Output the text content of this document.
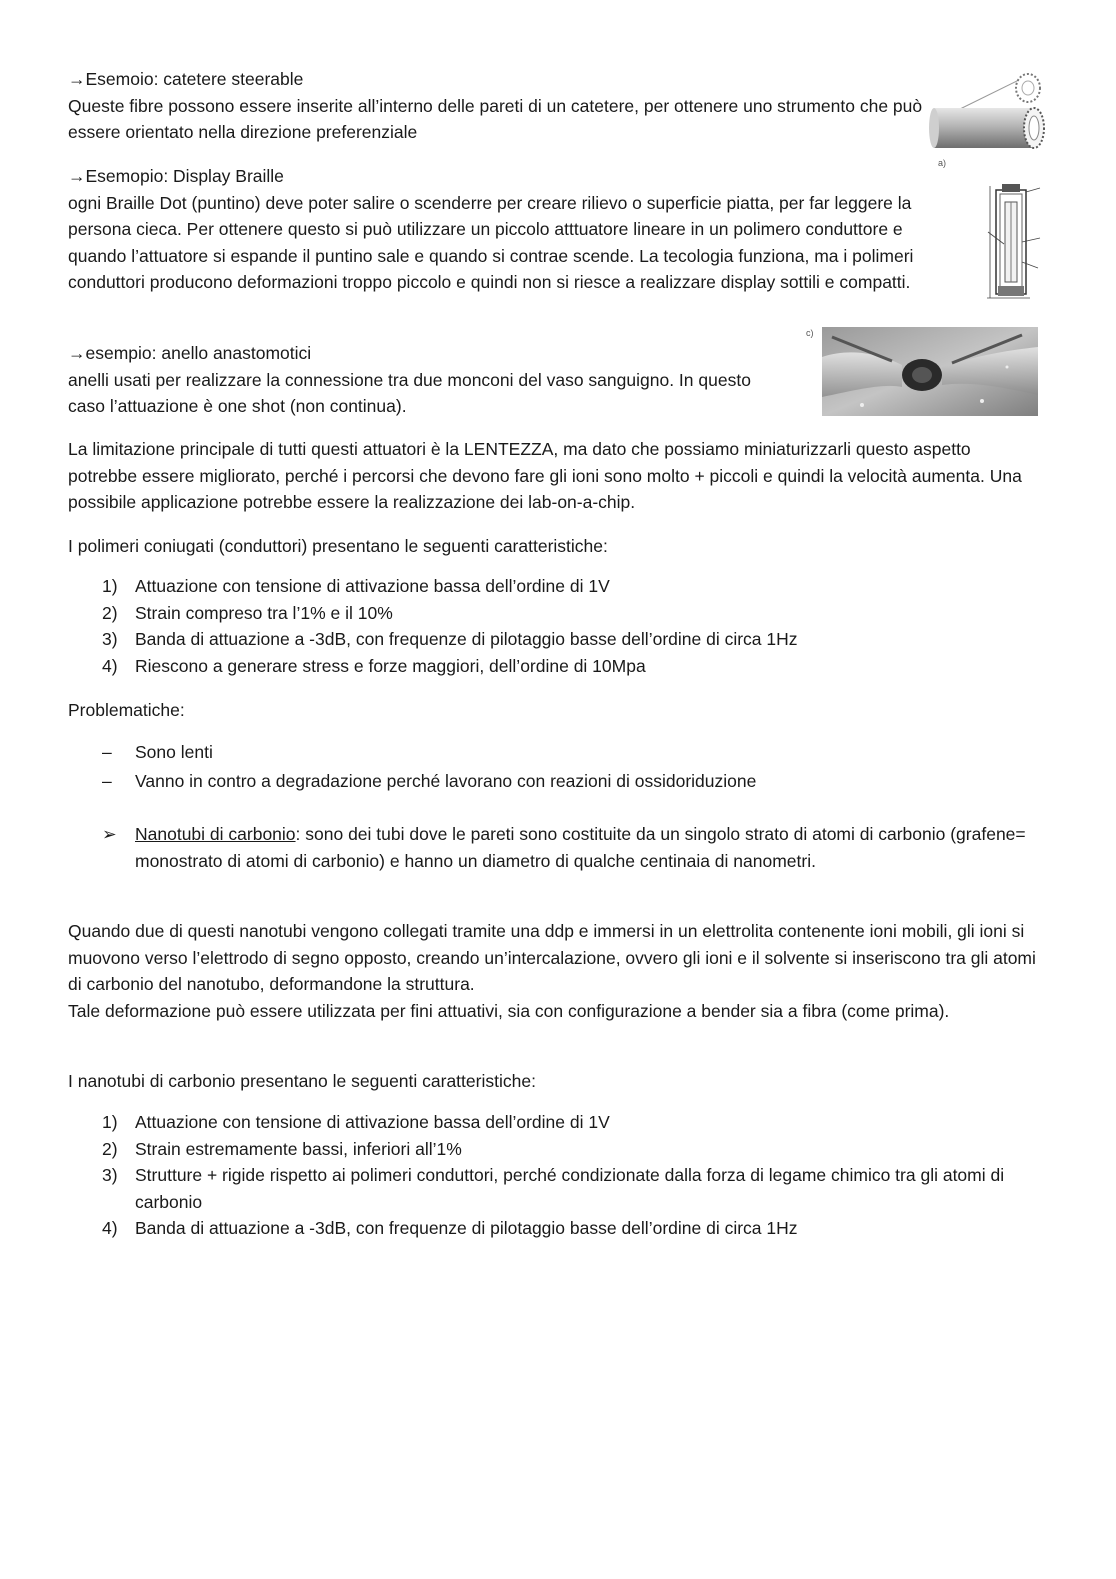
→Esemoio: catetere steerable

Queste fibre possono essere inserite all’interno delle pareti di un catetere, per ottenere uno strumento che può essere orientato nella direzione preferenziale

a)

→Esemopio: Display Braille

ogni Braille Dot (puntino) deve poter salire o scenderre per creare rilievo o superficie piatta, per far leggere la persona cieca. Per ottenere questo si può utilizzare un piccolo atttuatore lineare in un polimero conduttore e quando l’attuatore si espande il puntino sale e quando si contrae scende. La tecologia funziona, ma i polimeri conduttori producono deformazioni troppo piccolo e quindi non si riesce a realizzare display sottili e compatti.

→esempio: anello anastomotici

anelli usati per realizzare la connessione tra due monconi del vaso sanguigno. In questo caso l’attuazione è one shot (non continua).

c)

La limitazione principale di tutti questi attuatori è la LENTEZZA, ma dato che possiamo miniaturizzarli questo aspetto potrebbe essere migliorato, perché i percorsi che devono fare gli ioni sono molto + piccoli e quindi la velocità aumenta. Una possibile applicazione potrebbe essere la realizzazione dei lab-on-a-chip.

I polimeri coniugati (conduttori) presentano le seguenti caratteristiche:

1) Attuazione con tensione di attivazione bassa dell’ordine di 1V
2) Strain compreso tra l’1% e il 10%
3) Banda di attuazione a -3dB, con frequenze di pilotaggio basse dell’ordine di circa 1Hz
4) Riescono a generare stress e forze maggiori, dell’ordine di 10Mpa

Problematiche:

– Sono lenti
– Vanno in contro a degradazione perché lavorano con reazioni di ossidoriduzione
➢ Nanotubi di carbonio: sono dei tubi dove le pareti sono costituite da un singolo strato di atomi di carbonio (grafene= monostrato di atomi di carbonio) e hanno un diametro di qualche centinaia di nanometri.

Quando due di questi nanotubi vengono collegati tramite una ddp e immersi in un elettrolita contenente ioni mobili, gli ioni si muovono verso l’elettrodo di segno opposto, creando un’intercalazione, ovvero gli ioni e il solvente si inseriscono tra gli atomi di carbonio del nanotubo, deformandone la struttura.

Tale deformazione può essere utilizzata per fini attuativi, sia con configurazione a bender sia a fibra (come prima).

I nanotubi di carbonio presentano le seguenti caratteristiche:

1) Attuazione con tensione di attivazione bassa dell’ordine di 1V
2) Strain estremamente bassi, inferiori all’1%
3) Strutture + rigide rispetto ai polimeri conduttori, perché condizionate dalla forza di legame chimico tra gli atomi di carbonio
4) Banda di attuazione a -3dB, con frequenze di pilotaggio basse dell’ordine di circa 1Hz
